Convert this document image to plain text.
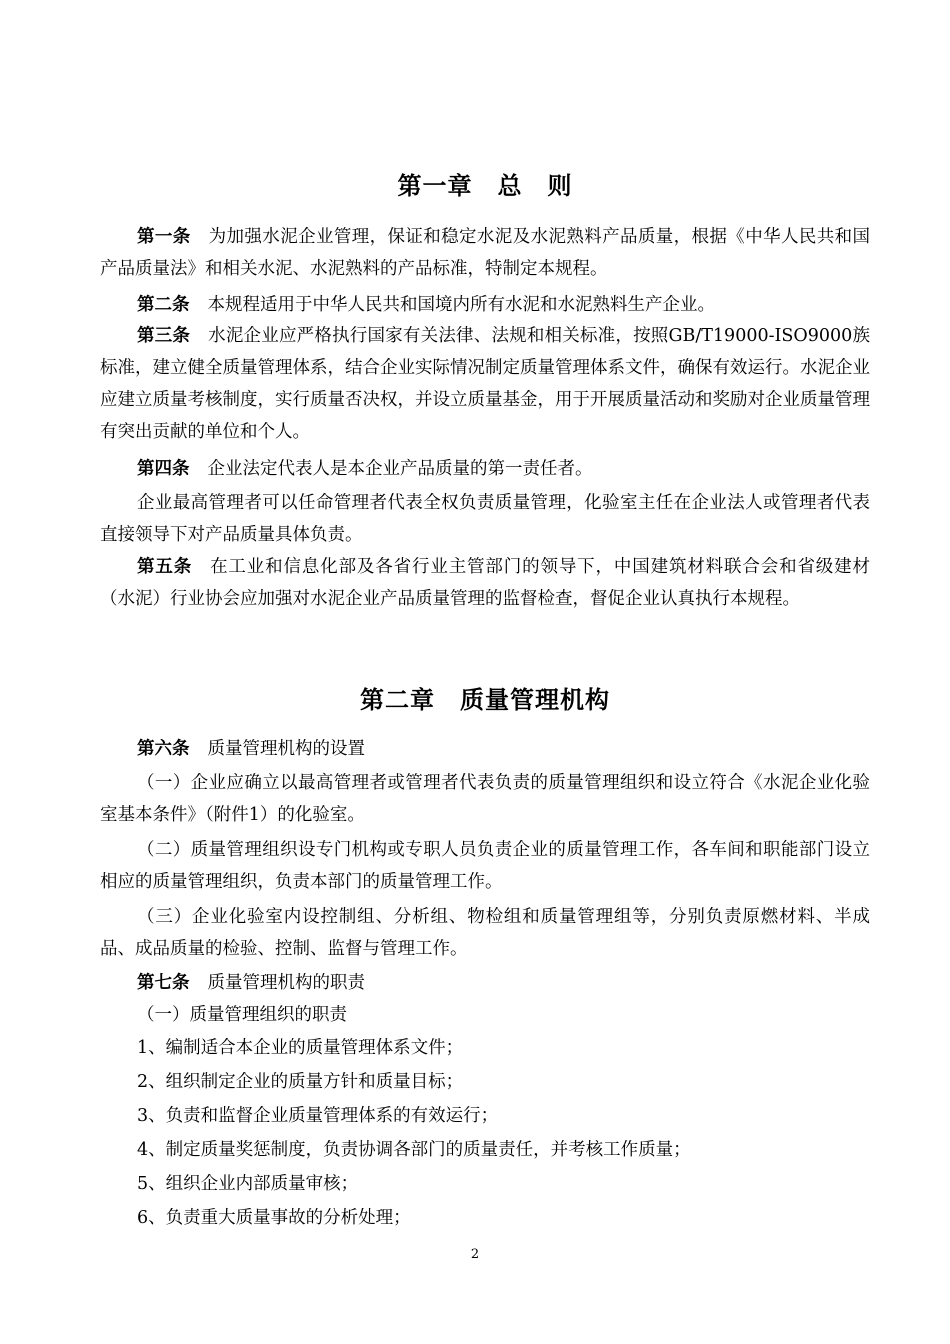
第一章　总　则

第一条 为加强水泥企业管理，保证和稳定水泥及水泥熟料产品质量，根据《中华人民共和国产品质量法》和相关水泥、水泥熟料的产品标准，特制定本规程。

第二条 本规程适用于中华人民共和国境内所有水泥和水泥熟料生产企业。

第三条 水泥企业应严格执行国家有关法律、法规和相关标准，按照GB/T19000-ISO9000族标准，建立健全质量管理体系，结合企业实际情况制定质量管理体系文件，确保有效运行。水泥企业应建立质量考核制度，实行质量否决权，并设立质量基金，用于开展质量活动和奖励对企业质量管理有突出贡献的单位和个人。

第四条 企业法定代表人是本企业产品质量的第一责任者。

企业最高管理者可以任命管理者代表全权负责质量管理，化验室主任在企业法人或管理者代表直接领导下对产品质量具体负责。

第五条 在工业和信息化部及各省行业主管部门的领导下，中国建筑材料联合会和省级建材（水泥）行业协会应加强对水泥企业产品质量管理的监督检查，督促企业认真执行本规程。

第二章　质量管理机构

第六条 质量管理机构的设置

（一）企业应确立以最高管理者或管理者代表负责的质量管理组织和设立符合《水泥企业化验室基本条件》（附件1）的化验室。

（二）质量管理组织设专门机构或专职人员负责企业的质量管理工作，各车间和职能部门设立相应的质量管理组织，负责本部门的质量管理工作。

（三）企业化验室内设控制组、分析组、物检组和质量管理组等，分别负责原燃材料、半成品、成品质量的检验、控制、监督与管理工作。

第七条 质量管理机构的职责

（一）质量管理组织的职责

1、编制适合本企业的质量管理体系文件；

2、组织制定企业的质量方针和质量目标；

3、负责和监督企业质量管理体系的有效运行；

4、制定质量奖惩制度，负责协调各部门的质量责任，并考核工作质量；

5、组织企业内部质量审核；

6、负责重大质量事故的分析处理；

2
